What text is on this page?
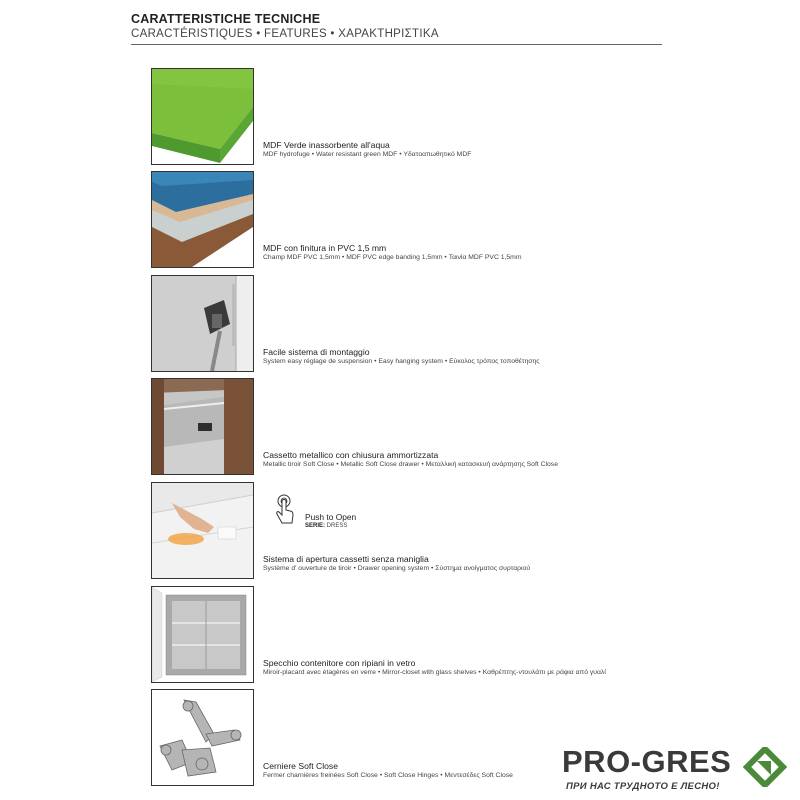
CARATTERISTICHE TECNICHE
CARACTÉRISTIQUES • FEATURES • ΧΑΡΑΚΤΗΡΙΣΤΙΚΑ
MDF Verde inassorbente all'aqua
MDF hydrofuge • Water resistant green MDF • Υδατοαπωθητικό MDF
MDF con finitura in PVC 1,5 mm
Champ MDF PVC 1,5mm • MDF PVC edge banding 1,5mm • Ταινία MDF PVC 1,5mm
Facile sistema di montaggio
System easy réglage de suspension • Easy hanging system • Εύκολος τρόπος τοποθέτησης
Cassetto metallico con chiusura ammortizzata
Metallic tiroir Soft Close • Metallic Soft Close drawer • Μεταλλική κατασκευή ανάρτησης Soft Close
Sistema di apertura cassetti senza maniglia
Système d' ouverture de tiroir • Drawer opening system • Σύστημα ανοίγματος συρταριού
Push to Open
SERIE: DRESS
Specchio contenitore con ripiani in vetro
Miroir-placard avec étagères en verre • Mirror-closet with glass shelves • Καθρέπτης-ντουλάπι με ράφια από γυαλί
Cerniere Soft Close
Fermer charnières freinées Soft Close • Soft Close Hinges • Μεντεσέδες Soft Close	PRO-GRES
ПРИ НАС ТРУДНОТО Е ЛЕСНО!
